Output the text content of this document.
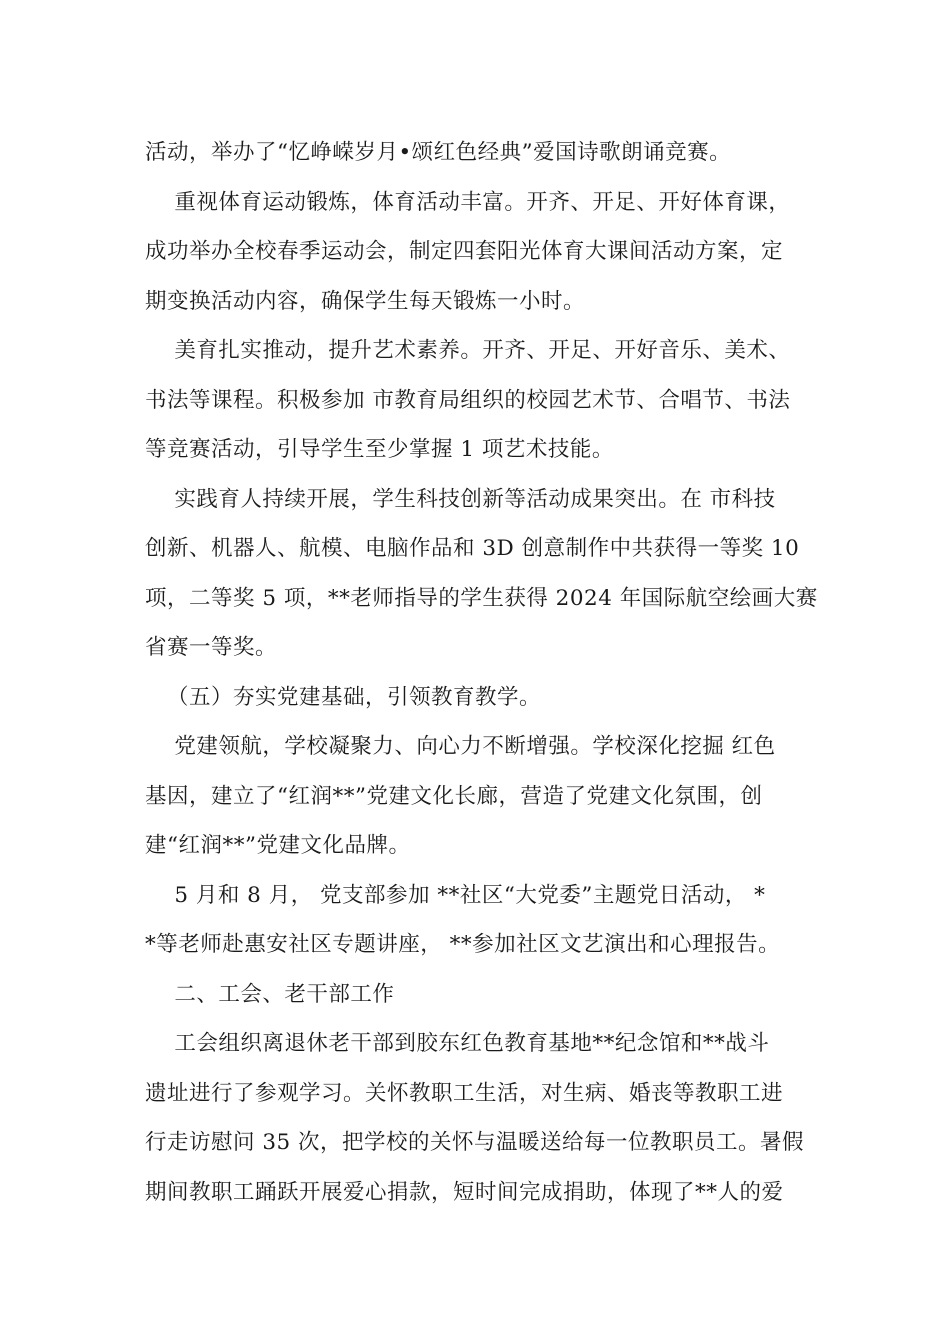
活动，举办了“忆峥嵘岁月•颂红色经典”爱国诗歌朗诵竞赛。
重视体育运动锻炼，体育活动丰富。开齐、开足、开好体育课，
成功举办全校春季运动会，制定四套阳光体育大课间活动方案，定
期变换活动内容，确保学生每天锻炼一小时。
美育扎实推动，提升艺术素养。开齐、开足、开好音乐、美术、
书法等课程。积极参加 市教育局组织的校园艺术节、合唱节、书法
等竞赛活动，引导学生至少掌握 1 项艺术技能。
实践育人持续开展，学生科技创新等活动成果突出。在 市科技
创新、机器人、航模、电脑作品和 3D 创意制作中共获得一等奖 10
项，二等奖 5 项，**老师指导的学生获得 2024 年国际航空绘画大赛
省赛一等奖。
（五）夯实党建基础，引领教育教学。
党建领航，学校凝聚力、向心力不断增强。学校深化挖掘 红色
基因，建立了“红润**”党建文化长廊，营造了党建文化氛围，创
建“红润**”党建文化品牌。
5 月和 8 月， 党支部参加 **社区“大党委”主题党日活动， *
*等老师赴惠安社区专题讲座， **参加社区文艺演出和心理报告。
二、工会、老干部工作
工会组织离退休老干部到胶东红色教育基地**纪念馆和**战斗
遗址进行了参观学习。关怀教职工生活，对生病、婚丧等教职工进
行走访慰问 35 次，把学校的关怀与温暖送给每一位教职员工。暑假
期间教职工踊跃开展爱心捐款，短时间完成捐助，体现了**人的爱
